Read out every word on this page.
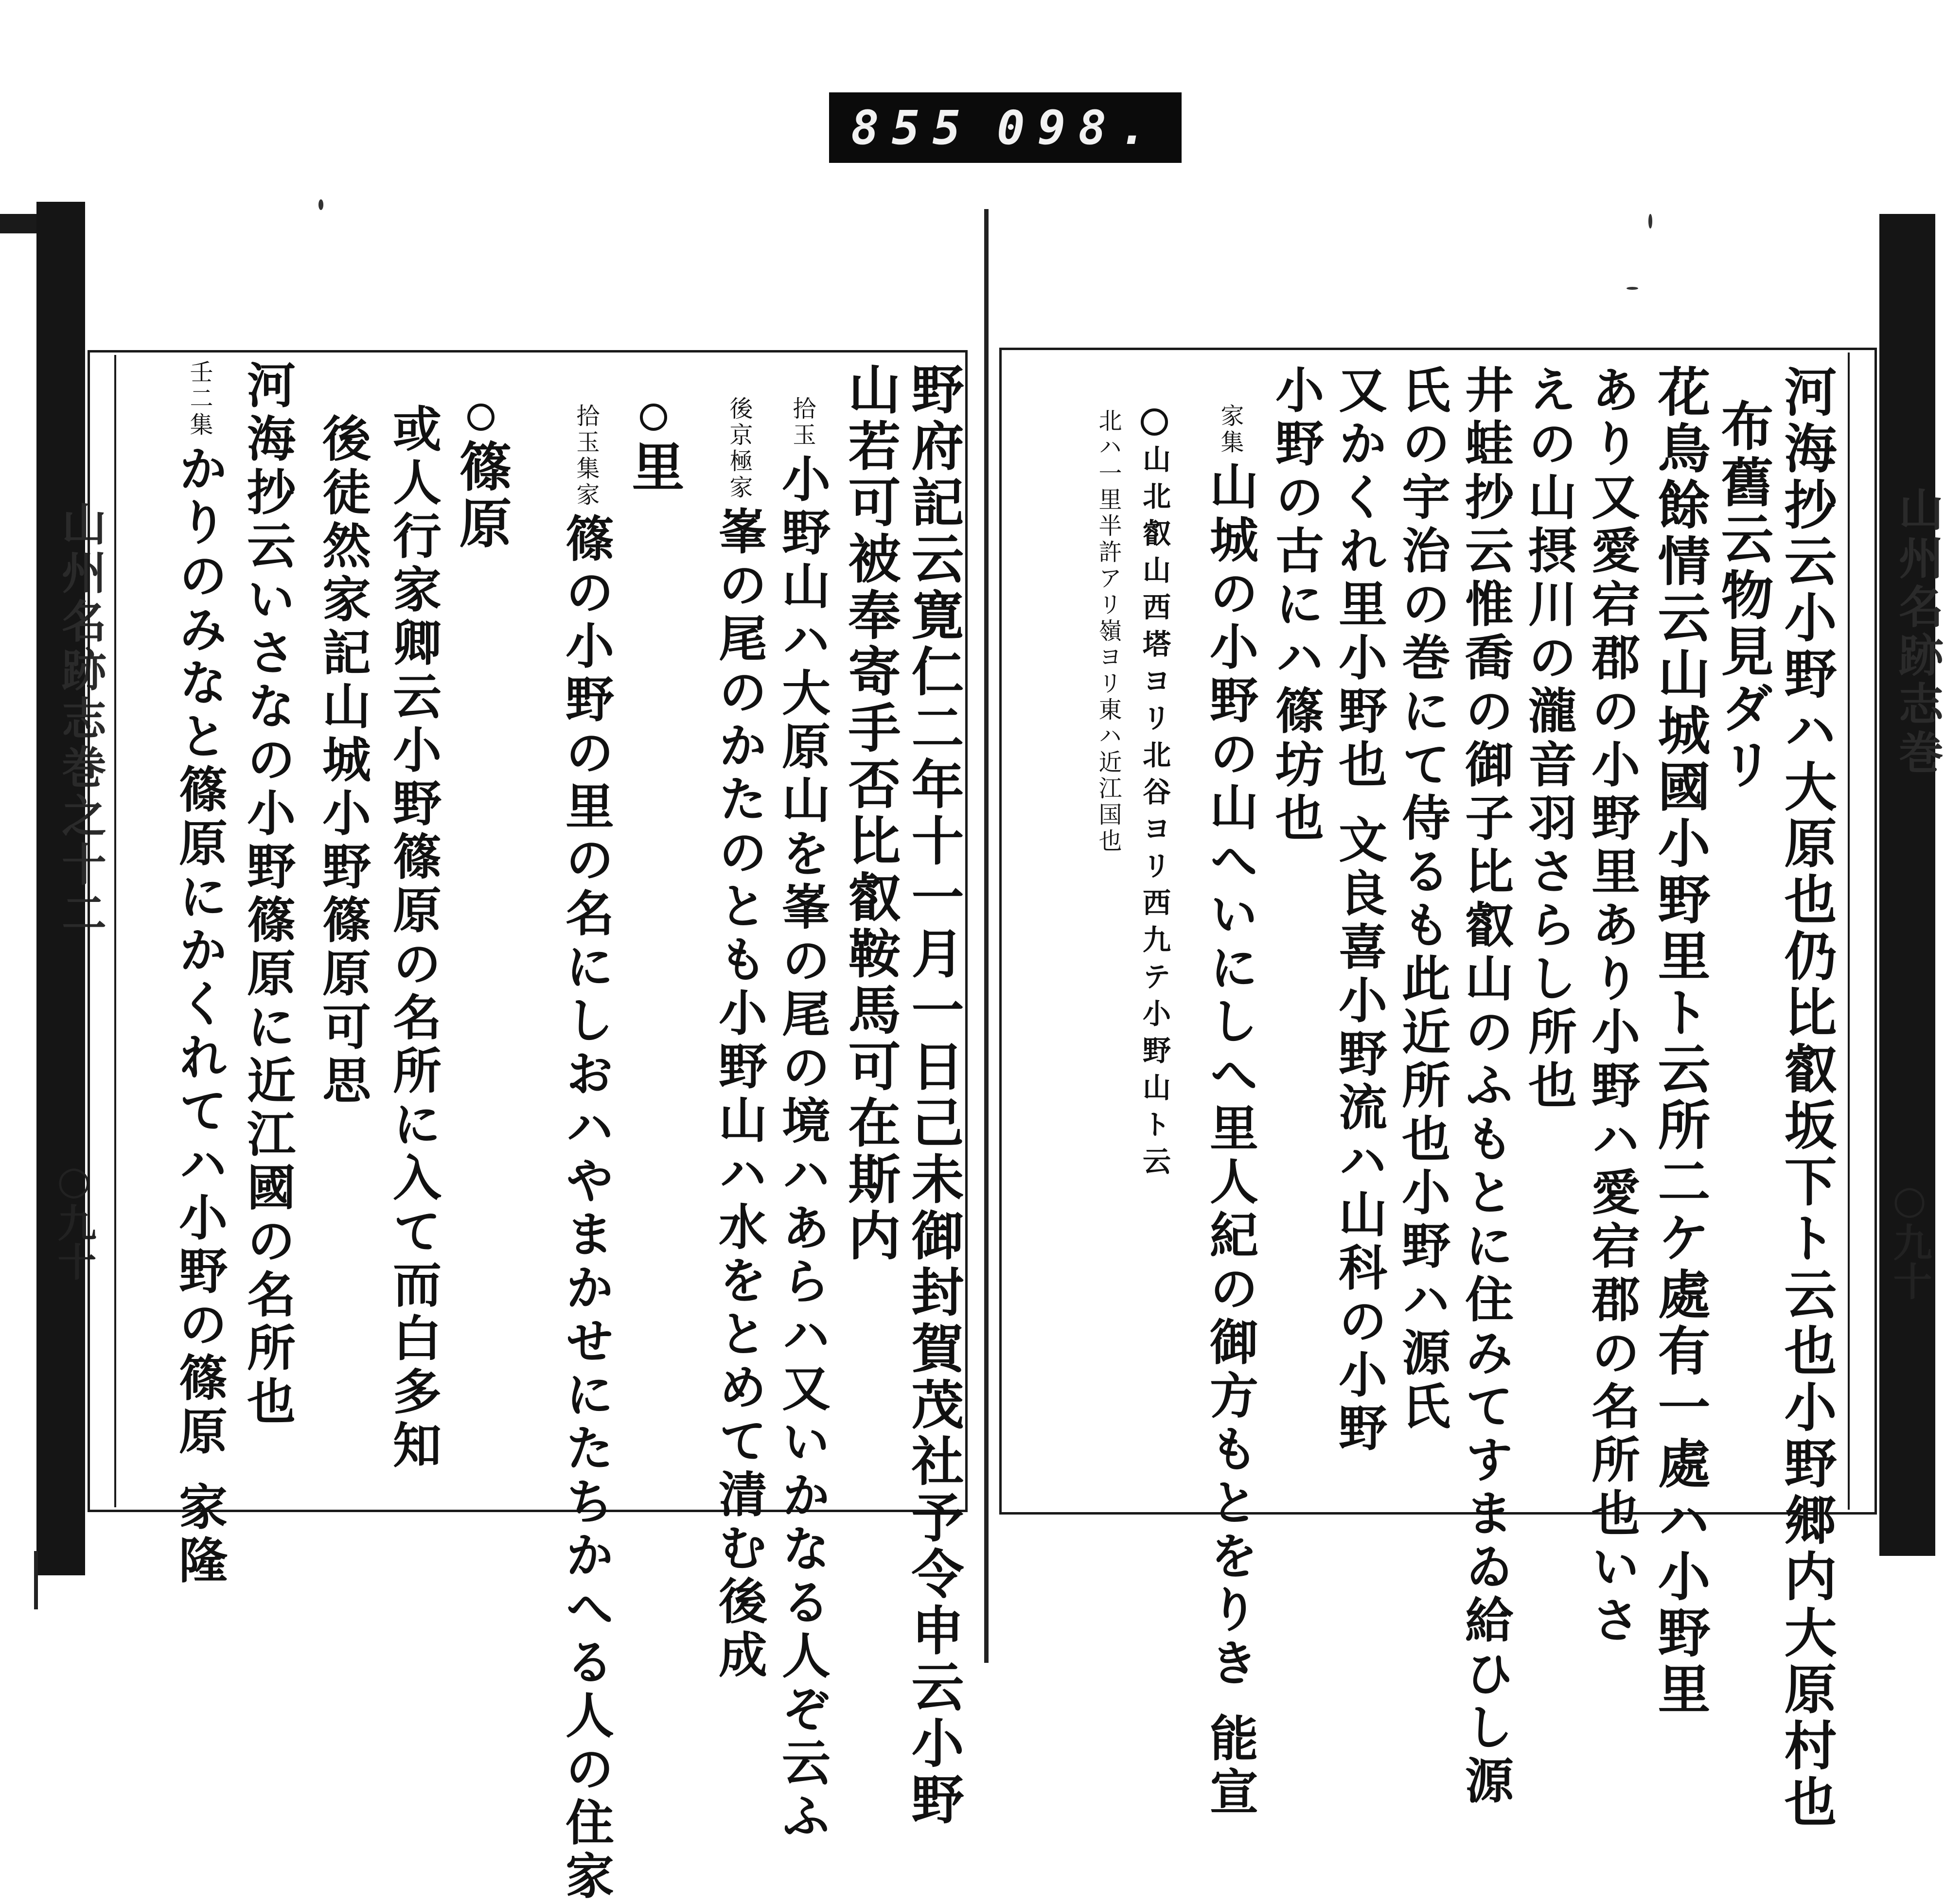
855 098.
山州名跡志巻之十二
○九十
山州名跡志巻
○九十
河海抄云小野ハ大原也仍比叡坂下ト云也小野郷内大原村也
布舊云物見ダリ
花鳥餘情云山城國小野里ト云所二ケ處有一處ハ小野里
あり又愛宕郡の小野里あり小野ハ愛宕郡の名所也いさ
えの山摂川の瀧音羽さらし所也
井蛙抄云惟喬の御子比叡山のふもとに住みてすまゐ給ひし源
氏の宇治の巻にて侍るも此近所也小野ハ源氏
又かくれ里小野也 文良喜小野流ハ山科の小野
小野の古にハ篠坊也
家集山城の小野の山へいにしへ里人紀の御方もとをりき 能宣
山北叡山西塔ヨリ北谷ヨリ西九テ小野山ト云
北ハ一里半許アリ嶺ヨリ東ハ近江国也
野府記云寛仁二年十一月一日己未御封賀茂社予令申云小野
山若可被奉寄手否比叡鞍馬可在斯内
拾玉小野山ハ大原山を峯の尾の境ハあらハ又いかなる人ぞ云ふ
後京極家峯の尾のかたのとも小野山ハ水をとめて清む後成
里
拾玉集家篠の小野の里の名にしおハやまかせにたちかへる人の住家
篠原
或人行家卿云小野篠原の名所に入て而白多知
後徒然家記山城小野篠原可思
河海抄云いさなの小野篠原に近江國の名所也
壬二集かりのみなと篠原にかくれてハ小野の篠原 家隆
